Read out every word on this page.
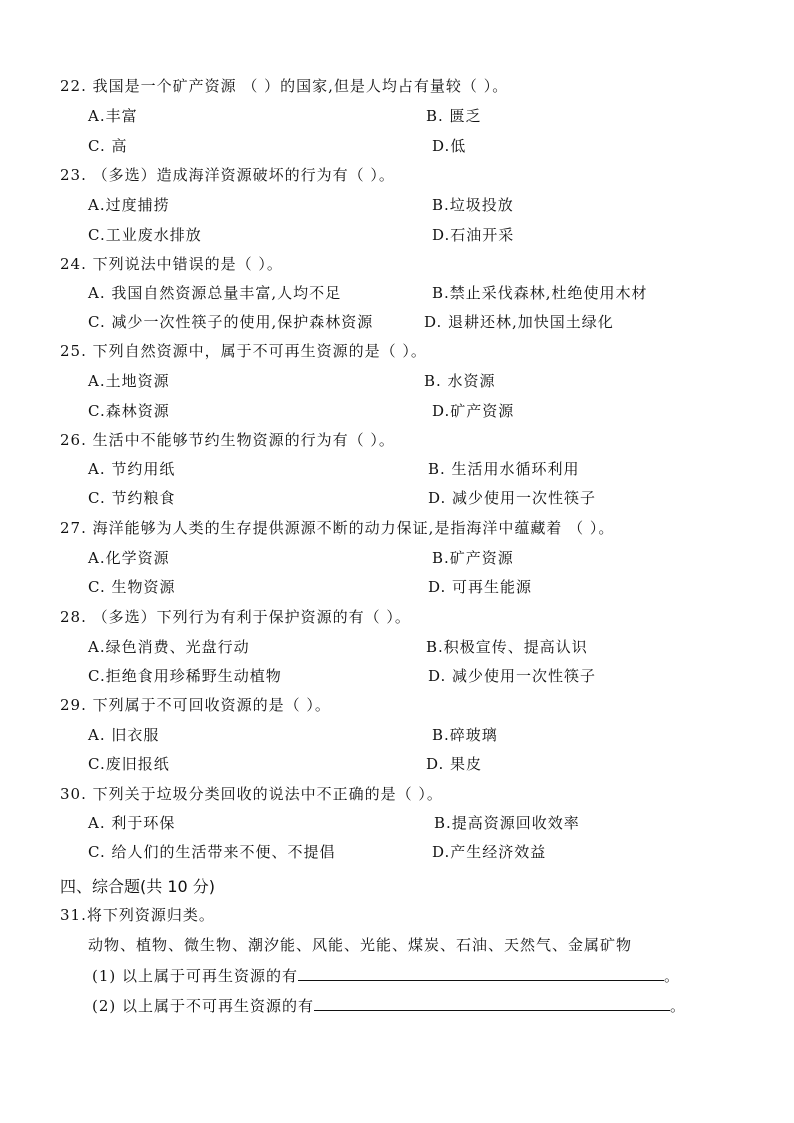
22. 我国是一个矿产资源 （ ）的国家,但是人均占有量较（ ）。
A.丰富	B. 匮乏
C. 高	D.低
23. （多选）造成海洋资源破坏的行为有（ ）。
A.过度捕捞	B.垃圾投放
C.工业废水排放	D.石油开采
24. 下列说法中错误的是（ ）。
A. 我国自然资源总量丰富,人均不足	B.禁止采伐森林,杜绝使用木材
C. 减少一次性筷子的使用,保护森林资源	D. 退耕还林,加快国土绿化
25. 下列自然资源中，属于不可再生资源的是（ ）。
A.土地资源	B. 水资源
C.森林资源	D.矿产资源
26. 生活中不能够节约生物资源的行为有（ ）。
A. 节约用纸	B. 生活用水循环利用
C. 节约粮食	D. 减少使用一次性筷子
27. 海洋能够为人类的生存提供源源不断的动力保证,是指海洋中蕴藏着 （ ）。
A.化学资源	B.矿产资源
C. 生物资源	D. 可再生能源
28. （多选）下列行为有利于保护资源的有（ ）。
A.绿色消费、光盘行动	B.积极宣传、提高认识
C.拒绝食用珍稀野生动植物	D. 减少使用一次性筷子
29. 下列属于不可回收资源的是（ ）。
A. 旧衣服	B.碎玻璃
C.废旧报纸	D. 果皮
30. 下列关于垃圾分类回收的说法中不正确的是（ ）。
A. 利于环保	B.提高资源回收效率
C. 给人们的生活带来不便、不提倡	D.产生经济效益
四、综合题(共 10 分)
31.将下列资源归类。
动物、植物、微生物、潮汐能、风能、光能、煤炭、石油、天然气、金属矿物
(1) 以上属于可再生资源的有	。
(2) 以上属于不可再生资源的有	。
